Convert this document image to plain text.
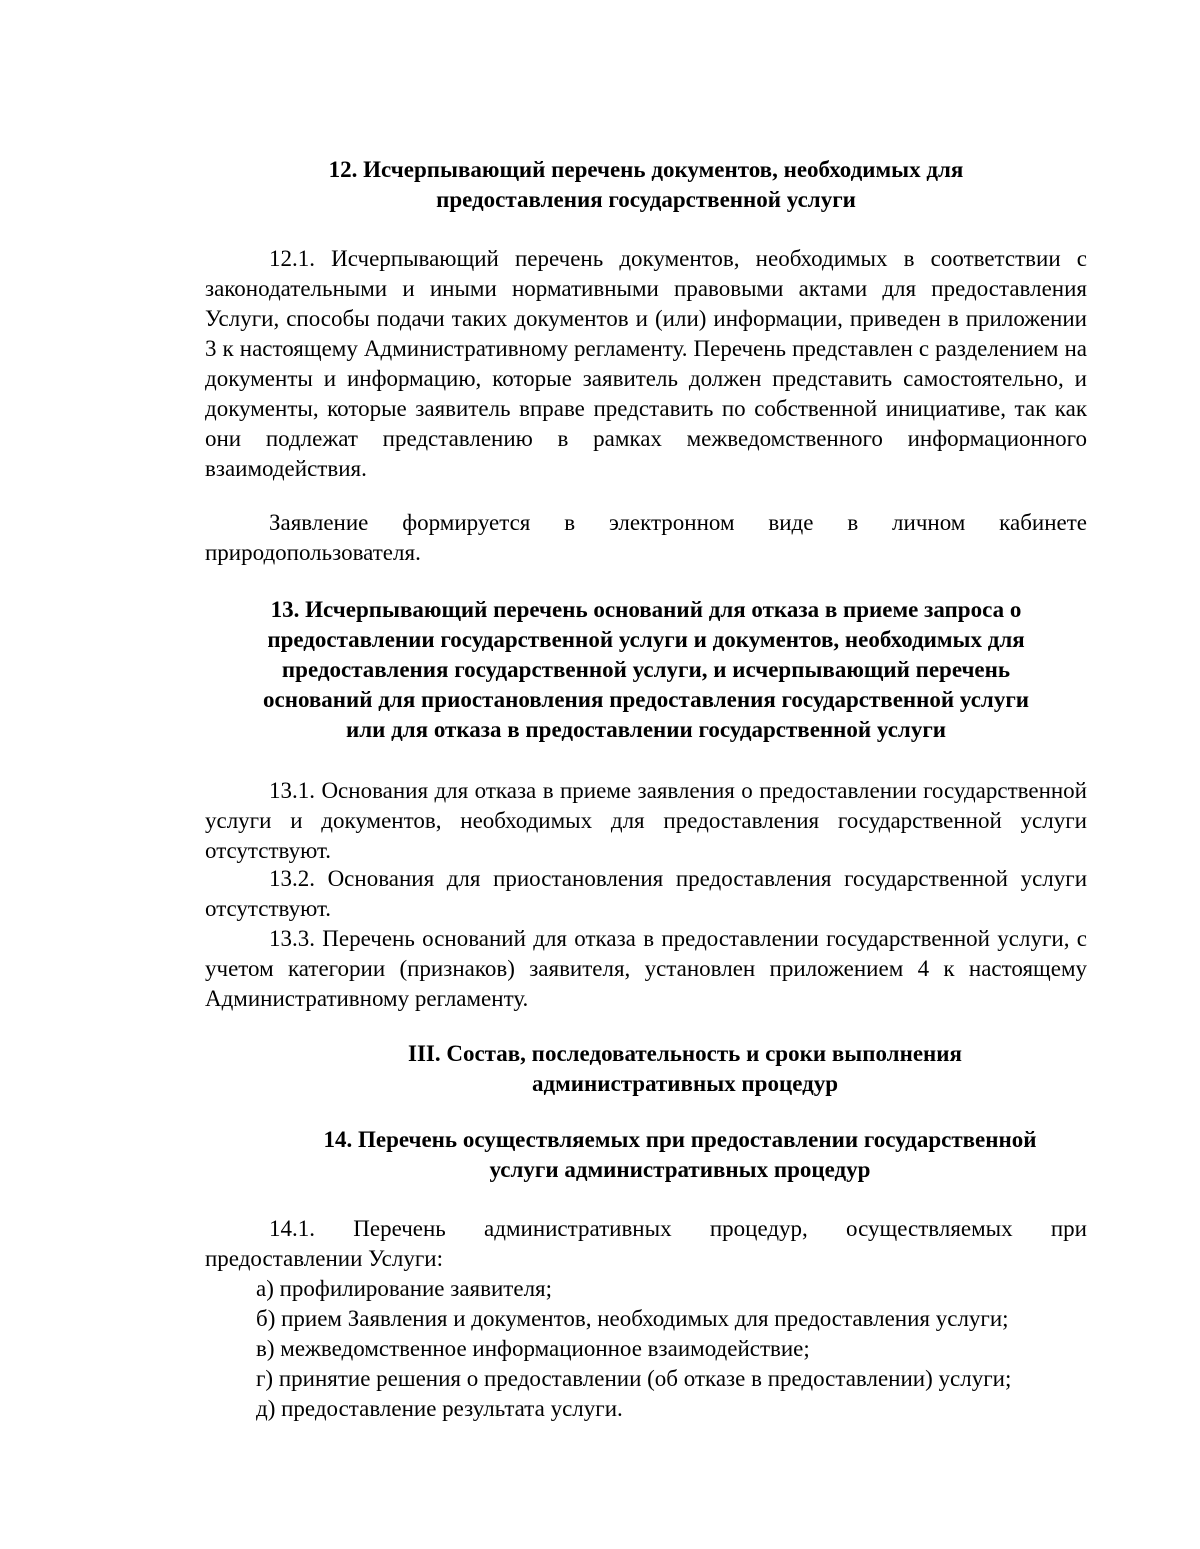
12. Исчерпывающий перечень документов, необходимых для
предоставления государственной услуги
12.1. Исчерпывающий перечень документов, необходимых в соответствии с законодательными и иными нормативными правовыми актами для предоставления Услуги, способы подачи таких документов и (или) информации, приведен в приложении 3 к настоящему Административному регламенту. Перечень представлен с разделением на документы и информацию, которые заявитель должен представить самостоятельно, и документы, которые заявитель вправе представить по собственной инициативе, так как они подлежат представлению в рамках межведомственного информационного взаимодействия.
Заявление формируется в электронном виде в личном кабинете природопользователя.
13. Исчерпывающий перечень оснований для отказа в приеме запроса о
предоставлении государственной услуги и документов, необходимых для
предоставления государственной услуги, и исчерпывающий перечень
оснований для приостановления предоставления государственной услуги
или для отказа в предоставлении государственной услуги
13.1. Основания для отказа в приеме заявления о предоставлении государственной услуги и документов, необходимых для предоставления государственной услуги отсутствуют.
13.2. Основания для приостановления предоставления государственной услуги отсутствуют.
13.3. Перечень оснований для отказа в предоставлении государственной услуги, с учетом категории (признаков) заявителя, установлен приложением 4 к настоящему Административному регламенту.
III. Состав, последовательность и сроки выполнения
административных процедур
14. Перечень осуществляемых при предоставлении государственной
услуги административных процедур
14.1. Перечень административных процедур, осуществляемых при предоставлении Услуги:
а) профилирование заявителя;
б) прием Заявления и документов, необходимых для предоставления услуги;
в) межведомственное информационное взаимодействие;
г) принятие решения о предоставлении (об отказе в предоставлении) услуги;
д) предоставление результата услуги.
